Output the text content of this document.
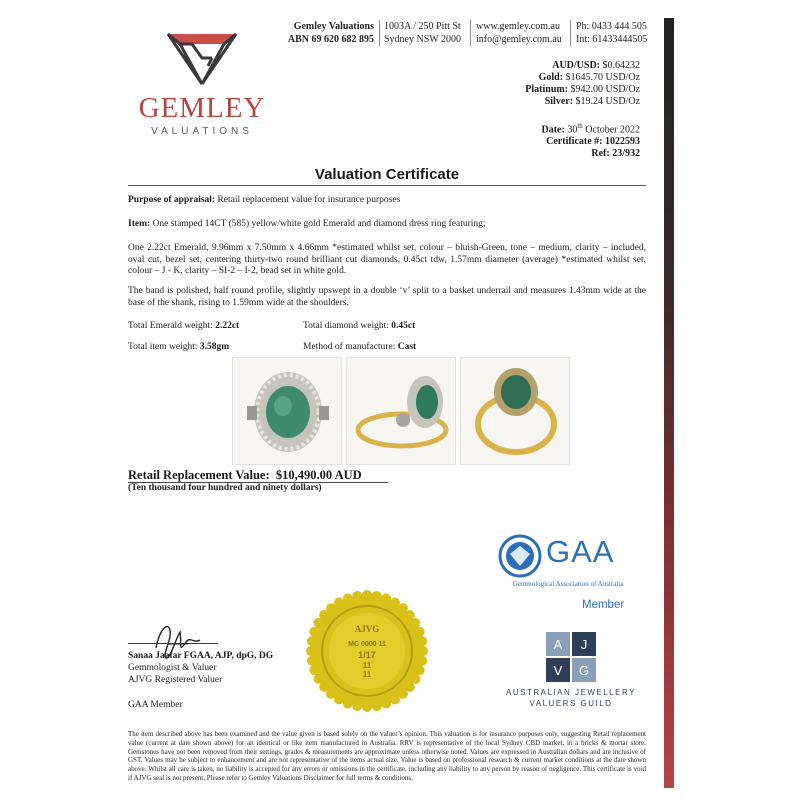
GEMLEY
VALUATIONS
Gemley Valuations
ABN 69 620 682 895
1003A / 250 Pitt St
Sydney NSW 2000
www.gemley.com.au
info@gemley.com.au
Ph: 0433 444 505
Int: 61433444505
AUD/USD: $0.64232
Gold: $1645.70 USD/Oz
Platinum: $942.00 USD/Oz
Silver: $19.24 USD/Oz
Date: 30th October 2022
Certificate #: 1022593
Ref: 23/932
Valuation Certificate
Purpose of appraisal: Retail replacement value for insurance purposes
Item: One stamped 14CT (585) yellow/white gold Emerald and diamond dress ring featuring;
One 2.22ct Emerald, 9.96mm x 7.50mm x 4.66mm *estimated whilst set, colour – bluish-Green, tone – medium, clarity – included, oval cut, bezel set, centering thirty-two round brilliant cut diamonds, 0.45ct tdw, 1.57mm diameter (average) *estimated whilst set, colour – J - K, clarity – SI-2 – I-2, bead set in white gold.
The band is polished, half round profile, slightly upswept in a double ‘v’ split to a basket underrail and measures 1.43mm wide at the base of the shank, rising to 1.59mm wide at the shoulders.
Total Emerald weight: 2.22ct	Total diamond weight: 0.45ct
Total item weight: 3.58gm	Method of manufacture: Cast
Retail Replacement Value: $10,490.00 AUD
(Ten thousand four hundred and ninety dollars)
GAA
Gemmological Association of Australia
Member
A J
V G
AUSTRALIAN JEWELLERY
VALUERS GUILD
AJVG
MC 0000 11
1/17
11
11
Sanaa Jaafar FGAA, AJP, dpG, DG
Gemmologist & Valuer
AJVG Registered Valuer
GAA Member
The item described above has been examined and the value given is based solely on the valuer’s opinion. This valuation is for insurance purposes only, suggesting Retail replacement value (current at date shown above) for an identical or like item manufactured in Australia. RRV is representative of the local Sydney CBD market, in a bricks & mortar store. Gemstones have not been removed from their settings, grades & measurements are approximate unless otherwise noted. Values are expressed in Australian dollars and are inclusive of GST. Values may be subject to enhancement and are not representative of the items actual size. Value is based on professional research & current market conditions at the date shown above. Whilst all care is taken, no liability is accepted for any errors or omissions in the certificate, including any liability to any person by reason of negligence. This certificate is void if AJVG seal is not present. Please refer to Gemley Valuations Disclaimer for full terms & conditions.
